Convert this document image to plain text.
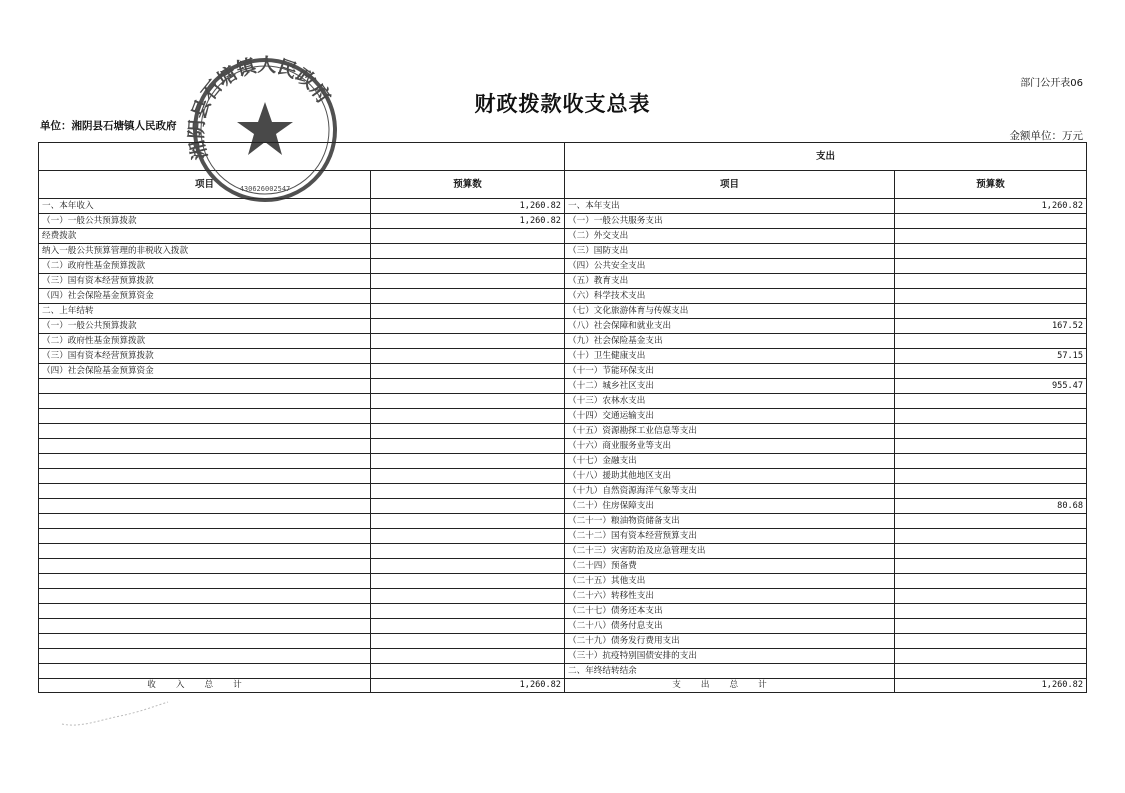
部门公开表06
财政拨款收支总表
单位：湘阴县石塘镇人民政府
金额单位：万元
		支出	
项目	预算数	项目	预算数
一、本年收入	1,260.82	一、本年支出	1,260.82
（一）一般公共预算拨款	1,260.82	（一）一般公共服务支出	
经费拨款		（二）外交支出	
纳入一般公共预算管理的非税收入拨款		（三）国防支出	
（二）政府性基金预算拨款		（四）公共安全支出	
（三）国有资本经营预算拨款		（五）教育支出	
（四）社会保险基金预算资金		（六）科学技术支出	
二、上年结转		（七）文化旅游体育与传媒支出	
（一）一般公共预算拨款		（八）社会保障和就业支出	167.52
（二）政府性基金预算拨款		（九）社会保险基金支出	
（三）国有资本经营预算拨款		（十）卫生健康支出	57.15
（四）社会保险基金预算资金		（十一）节能环保支出	
		（十二）城乡社区支出	955.47
		（十三）农林水支出	
		（十四）交通运输支出	
		（十五）资源勘探工业信息等支出	
		（十六）商业服务业等支出	
		（十七）金融支出	
		（十八）援助其他地区支出	
		（十九）自然资源海洋气象等支出	
		（二十）住房保障支出	80.68
		（二十一）粮油物资储备支出	
		（二十二）国有资本经营预算支出	
		（二十三）灾害防治及应急管理支出	
		（二十四）预备费	
		（二十五）其他支出	
		（二十六）转移性支出	
		（二十七）债务还本支出	
		（二十八）债务付息支出	
		（二十九）债务发行费用支出	
		（三十）抗疫特别国债安排的支出	
		二、年终结转结余	
收入总计	1,260.82	支出总计	1,260.82
湘阴县石塘镇人民政府
430626002547
